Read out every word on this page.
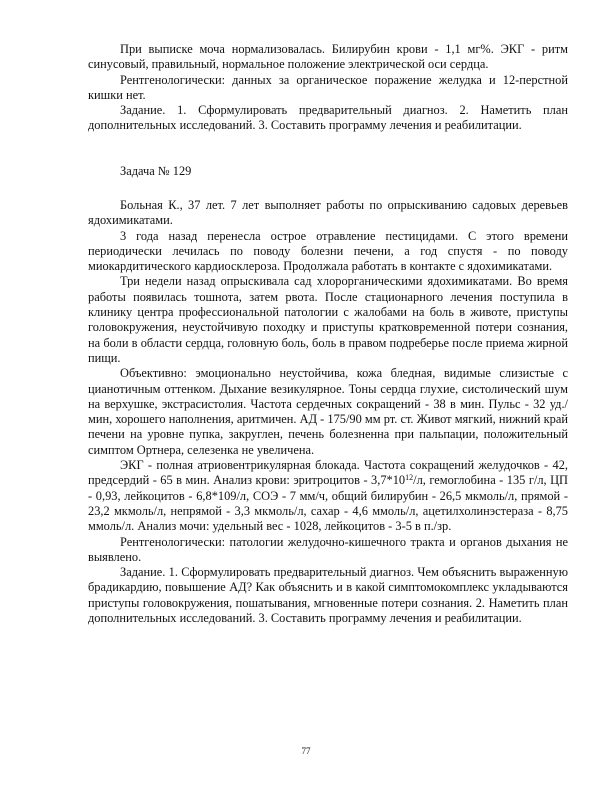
При выписке моча нормализовалась. Билирубин крови - 1,1 мг%. ЭКГ - ритм синусовый, правильный, нормальное положение электрической оси сердца.

Рентгенологически: данных за органическое поражение желудка и 12-перстной кишки нет.

Задание. 1. Сформулировать предварительный диагноз. 2. Наметить план дополнительных исследований. 3. Составить программу лечения и реабилитации.

Задача № 129

Больная К., 37 лет. 7 лет выполняет работы по опрыскиванию садовых деревьев ядохимикатами.

3 года назад перенесла острое отравление пестицидами. С этого времени периодически лечилась по поводу болезни печени, а год спустя - по поводу миокардитического кардиосклероза. Продолжала работать в контакте с ядохимикатами.

Три недели назад опрыскивала сад хлорорганическими ядохимикатами. Во время работы появилась тошнота, затем рвота. После стационарного лечения поступила в клинику центра профессиональной патологии с жалобами на боль в животе, приступы головокружения, неустойчивую походку и приступы кратковременной потери сознания, на боли в области сердца, головную боль, боль в правом подреберье после приема жирной пищи.

Объективно: эмоционально неустойчива, кожа бледная, видимые слизистые с цианотичным оттенком. Дыхание везикулярное. Тоны сердца глухие, систолический шум на верхушке, экстрасистолия. Частота сердечных сокращений - 38 в мин. Пульс - 32 уд./мин, хорошего наполнения, аритмичен. АД - 175/90 мм рт. ст. Живот мягкий, нижний край печени на уровне пупка, закруглен, печень болезненна при пальпации, положительный симптом Ортнера, селезенка не увеличена.

ЭКГ - полная атриовентрикулярная блокада. Частота сокращений желудочков - 42, предсердий - 65 в мин. Анализ крови: эритроцитов - $3,7*10^{12}/л$, гемоглобина - 135 г/л, ЦП - 0,93, лейкоцитов - 6,8*109/л, СОЭ - 7 мм/ч, общий билирубин - 26,5 мкмоль/л, прямой - 23,2 мкмоль/л, непрямой - 3,3 мкмоль/л, сахар - 4,6 ммоль/л, ацетилхолинэстераза - 8,75 ммоль/л. Анализ мочи: удельный вес - 1028, лейкоцитов - 3-5 в п./зр.

Рентгенологически: патологии желудочно-кишечного тракта и органов дыхания не выявлено.

Задание. 1. Сформулировать предварительный диагноз. Чем объяснить выраженную брадикардию, повышение АД? Как объяснить и в какой симптомокомплекс укладываются приступы головокружения, пошатывания, мгновенные потери сознания. 2. Наметить план дополнительных исследований. 3. Составить программу лечения и реабилитации.

77
